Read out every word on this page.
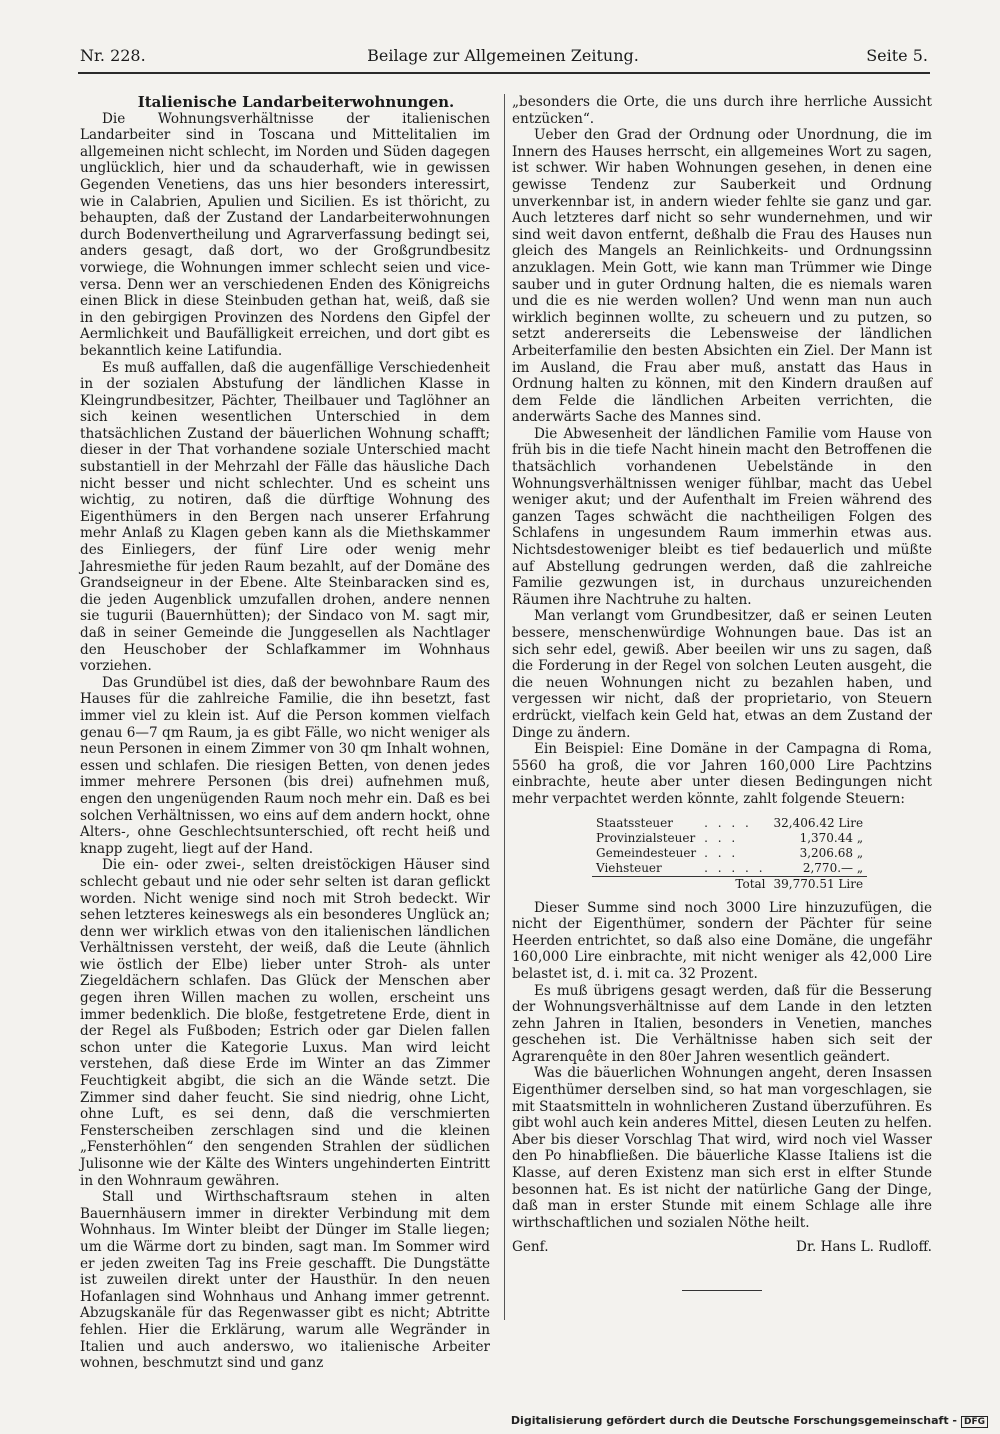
Nr. 228.	Beilage zur Allgemeinen Zeitung.	Seite 5.

Italienische Landarbeiterwohnungen.

Die Wohnungsverhältnisse der italienischen Landarbeiter sind in Toscana und Mittelitalien im allgemeinen nicht schlecht, im Norden und Süden dagegen unglücklich, hier und da schauderhaft, wie in gewissen Gegenden Venetiens, das uns hier besonders interessirt, wie in Calabrien, Apulien und Sicilien. Es ist thöricht, zu behaupten, daß der Zustand der Landarbeiterwohnungen durch Bodenvertheilung und Agrarverfassung bedingt sei, anders gesagt, daß dort, wo der Großgrundbesitz vorwiege, die Wohnungen immer schlecht seien und vice-versa. Denn wer an verschiedenen Enden des Königreichs einen Blick in diese Steinbuden gethan hat, weiß, daß sie in den gebirgigen Provinzen des Nordens den Gipfel der Aermlichkeit und Baufälligkeit erreichen, und dort gibt es bekanntlich keine Latifundia.

Es muß auffallen, daß die augenfällige Verschiedenheit in der sozialen Abstufung der ländlichen Klasse in Kleingrundbesitzer, Pächter, Theilbauer und Taglöhner an sich keinen wesentlichen Unterschied in dem thatsächlichen Zustand der bäuerlichen Wohnung schafft; dieser in der That vorhandene soziale Unterschied macht substantiell in der Mehrzahl der Fälle das häusliche Dach nicht besser und nicht schlechter. Und es scheint uns wichtig, zu notiren, daß die dürftige Wohnung des Eigenthümers in den Bergen nach unserer Erfahrung mehr Anlaß zu Klagen geben kann als die Miethskammer des Einliegers, der fünf Lire oder wenig mehr Jahresmiethe für jeden Raum bezahlt, auf der Domäne des Grandseigneur in der Ebene. Alte Steinbaracken sind es, die jeden Augenblick umzufallen drohen, andere nennen sie tugurii (Bauernhütten); der Sindaco von M. sagt mir, daß in seiner Gemeinde die Junggesellen als Nachtlager den Heuschober der Schlafkammer im Wohnhaus vorziehen.

Das Grundübel ist dies, daß der bewohnbare Raum des Hauses für die zahlreiche Familie, die ihn besetzt, fast immer viel zu klein ist. Auf die Person kommen vielfach genau 6—7 qm Raum, ja es gibt Fälle, wo nicht weniger als neun Personen in einem Zimmer von 30 qm Inhalt wohnen, essen und schlafen. Die riesigen Betten, von denen jedes immer mehrere Personen (bis drei) aufnehmen muß, engen den ungenügenden Raum noch mehr ein. Daß es bei solchen Verhältnissen, wo eins auf dem andern hockt, ohne Alters-, ohne Geschlechtsunterschied, oft recht heiß und knapp zugeht, liegt auf der Hand.

Die ein- oder zwei-, selten dreistöckigen Häuser sind schlecht gebaut und nie oder sehr selten ist daran geflickt worden. Nicht wenige sind noch mit Stroh bedeckt. Wir sehen letzteres keineswegs als ein besonderes Unglück an; denn wer wirklich etwas von den italienischen ländlichen Verhältnissen versteht, der weiß, daß die Leute (ähnlich wie östlich der Elbe) lieber unter Stroh- als unter Ziegeldächern schlafen. Das Glück der Menschen aber gegen ihren Willen machen zu wollen, erscheint uns immer bedenklich. Die bloße, festgetretene Erde, dient in der Regel als Fußboden; Estrich oder gar Dielen fallen schon unter die Kategorie Luxus. Man wird leicht verstehen, daß diese Erde im Winter an das Zimmer Feuchtigkeit abgibt, die sich an die Wände setzt. Die Zimmer sind daher feucht. Sie sind niedrig, ohne Licht, ohne Luft, es sei denn, daß die verschmierten Fensterscheiben zerschlagen sind und die kleinen „Fensterhöhlen“ den sengenden Strahlen der südlichen Julisonne wie der Kälte des Winters ungehinderten Eintritt in den Wohnraum gewähren.

Stall und Wirthschaftsraum stehen in alten Bauernhäusern immer in direkter Verbindung mit dem Wohnhaus. Im Winter bleibt der Dünger im Stalle liegen; um die Wärme dort zu binden, sagt man. Im Sommer wird er jeden zweiten Tag ins Freie geschafft. Die Dungstätte ist zuweilen direkt unter der Hausthür. In den neuen Hofanlagen sind Wohnhaus und Anhang immer getrennt. Abzugskanäle für das Regenwasser gibt es nicht; Abtritte fehlen. Hier die Erklärung, warum alle Wegränder in Italien und auch anderswo, wo italienische Arbeiter wohnen, beschmutzt sind und ganz

„besonders die Orte, die uns durch ihre herrliche Aussicht entzücken“.

Ueber den Grad der Ordnung oder Unordnung, die im Innern des Hauses herrscht, ein allgemeines Wort zu sagen, ist schwer. Wir haben Wohnungen gesehen, in denen eine gewisse Tendenz zur Sauberkeit und Ordnung unverkennbar ist, in andern wieder fehlte sie ganz und gar. Auch letzteres darf nicht so sehr wundernehmen, und wir sind weit davon entfernt, deßhalb die Frau des Hauses nun gleich des Mangels an Reinlichkeits- und Ordnungssinn anzuklagen. Mein Gott, wie kann man Trümmer wie Dinge sauber und in guter Ordnung halten, die es niemals waren und die es nie werden wollen? Und wenn man nun auch wirklich beginnen wollte, zu scheuern und zu putzen, so setzt andererseits die Lebensweise der ländlichen Arbeiterfamilie den besten Absichten ein Ziel. Der Mann ist im Ausland, die Frau aber muß, anstatt das Haus in Ordnung halten zu können, mit den Kindern draußen auf dem Felde die ländlichen Arbeiten verrichten, die anderwärts Sache des Mannes sind.

Die Abwesenheit der ländlichen Familie vom Hause von früh bis in die tiefe Nacht hinein macht den Betroffenen die thatsächlich vorhandenen Uebelstände in den Wohnungsverhältnissen weniger fühlbar, macht das Uebel weniger akut; und der Aufenthalt im Freien während des ganzen Tages schwächt die nachtheiligen Folgen des Schlafens in ungesundem Raum immerhin etwas aus. Nichtsdestoweniger bleibt es tief bedauerlich und müßte auf Abstellung gedrungen werden, daß die zahlreiche Familie gezwungen ist, in durchaus unzureichenden Räumen ihre Nachtruhe zu halten.

Man verlangt vom Grundbesitzer, daß er seinen Leuten bessere, menschenwürdige Wohnungen baue. Das ist an sich sehr edel, gewiß. Aber beeilen wir uns zu sagen, daß die Forderung in der Regel von solchen Leuten ausgeht, die die neuen Wohnungen nicht zu bezahlen haben, und vergessen wir nicht, daß der proprietario, von Steuern erdrückt, vielfach kein Geld hat, etwas an dem Zustand der Dinge zu ändern.

Ein Beispiel: Eine Domäne in der Campagna di Roma, 5560 ha groß, die vor Jahren 160,000 Lire Pachtzins einbrachte, heute aber unter diesen Bedingungen nicht mehr verpachtet werden könnte, zahlt folgende Steuern:

Staatssteuer	. . . .	32,406.42 Lire
Provinzialsteuer	. . .	1,370.44 „
Gemeindesteuer	. . .	3,206.68 „
Viehsteuer	. . . . .	2,770.— „
	Total	39,770.51 Lire

Dieser Summe sind noch 3000 Lire hinzuzufügen, die nicht der Eigenthümer, sondern der Pächter für seine Heerden entrichtet, so daß also eine Domäne, die ungefähr 160,000 Lire einbrachte, mit nicht weniger als 42,000 Lire belastet ist, d. i. mit ca. 32 Prozent.

Es muß übrigens gesagt werden, daß für die Besserung der Wohnungsverhältnisse auf dem Lande in den letzten zehn Jahren in Italien, besonders in Venetien, manches geschehen ist. Die Verhältnisse haben sich seit der Agrarenquête in den 80er Jahren wesentlich geändert.

Was die bäuerlichen Wohnungen angeht, deren Insassen Eigenthümer derselben sind, so hat man vorgeschlagen, sie mit Staatsmitteln in wohnlicheren Zustand überzuführen. Es gibt wohl auch kein anderes Mittel, diesen Leuten zu helfen. Aber bis dieser Vorschlag That wird, wird noch viel Wasser den Po hinabfließen. Die bäuerliche Klasse Italiens ist die Klasse, auf deren Existenz man sich erst in elfter Stunde besonnen hat. Es ist nicht der natürliche Gang der Dinge, daß man in erster Stunde mit einem Schlage alle ihre wirthschaftlichen und sozialen Nöthe heilt.

Genf.	Dr. Hans L. Rudloff.
Digitalisierung gefördert durch die Deutsche Forschungsgemeinschaft - DFG
